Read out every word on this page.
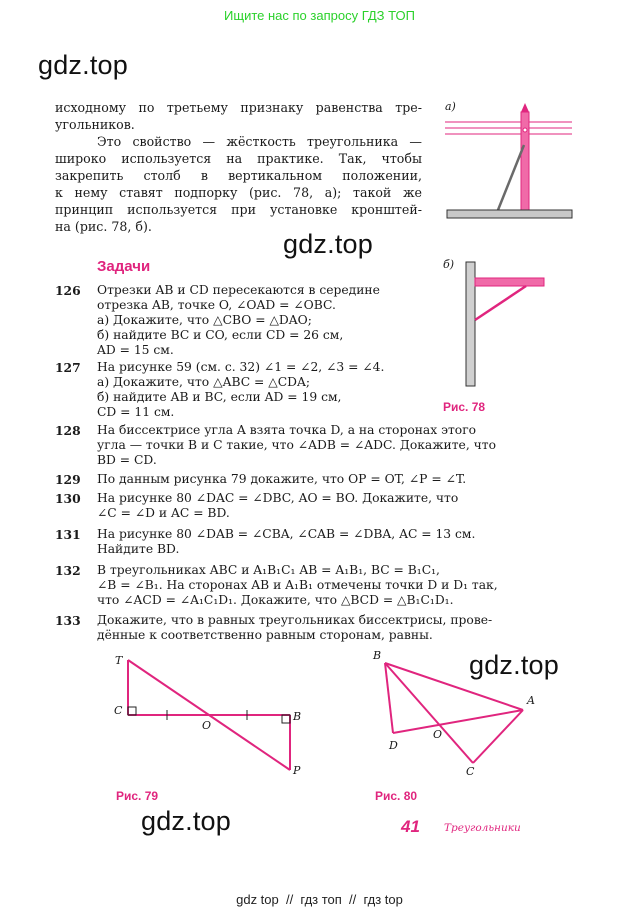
Ищите нас по запросу ГДЗ ТОП
gdz.top
gdz.top
gdz.top
gdz.top
исходному по третьему признаку равенства тре-
угольников.
Это свойство — жёсткость треугольника —
широко используется на практике. Так, чтобы
закрепить столб в вертикальном положении,
к нему ставят подпорку (рис. 78, а); такой же
принцип используется при установке кронштей-
на (рис. 78, б).
Задачи
126 Отрезки AB и CD пересекаются в середине
отрезка AB, точке O, ∠OAD = ∠OBC.
а) Докажите, что △CBO = △DAO;
б) найдите BC и CO, если CD = 26 см,
AD = 15 см.
127 На рисунке 59 (см. с. 32) ∠1 = ∠2, ∠3 = ∠4.
а) Докажите, что △ABC = △CDA;
б) найдите AB и BC, если AD = 19 см,
CD = 11 см.
128 На биссектрисе угла A взята точка D, а на сторонах этого
угла — точки B и C такие, что ∠ADB = ∠ADC. Докажите, что
BD = CD.
129 По данным рисунка 79 докажите, что OP = OT, ∠P = ∠T.
130 На рисунке 80 ∠DAC = ∠DBC, AO = BO. Докажите, что
∠C = ∠D и AC = BD.
131 На рисунке 80 ∠DAB = ∠CBA, ∠CAB = ∠DBA, AC = 13 см.
Найдите BD.
132 В треугольниках ABC и A₁B₁C₁ AB = A₁B₁, BC = B₁C₁,
∠B = ∠B₁. На сторонах AB и A₁B₁ отмечены точки D и D₁ так,
что ∠ACD = ∠A₁C₁D₁. Докажите, что △BCD = △B₁C₁D₁.
133 Докажите, что в равных треугольниках биссектрисы, прове-
дённые к соответственно равным сторонам, равны.
а)
б)
Рис. 78
T
C
O
B
P
Рис. 79
B
A
O
D
C
Рис. 80
41 Треугольники
gdz top  //  гдз топ  //  гдз top
